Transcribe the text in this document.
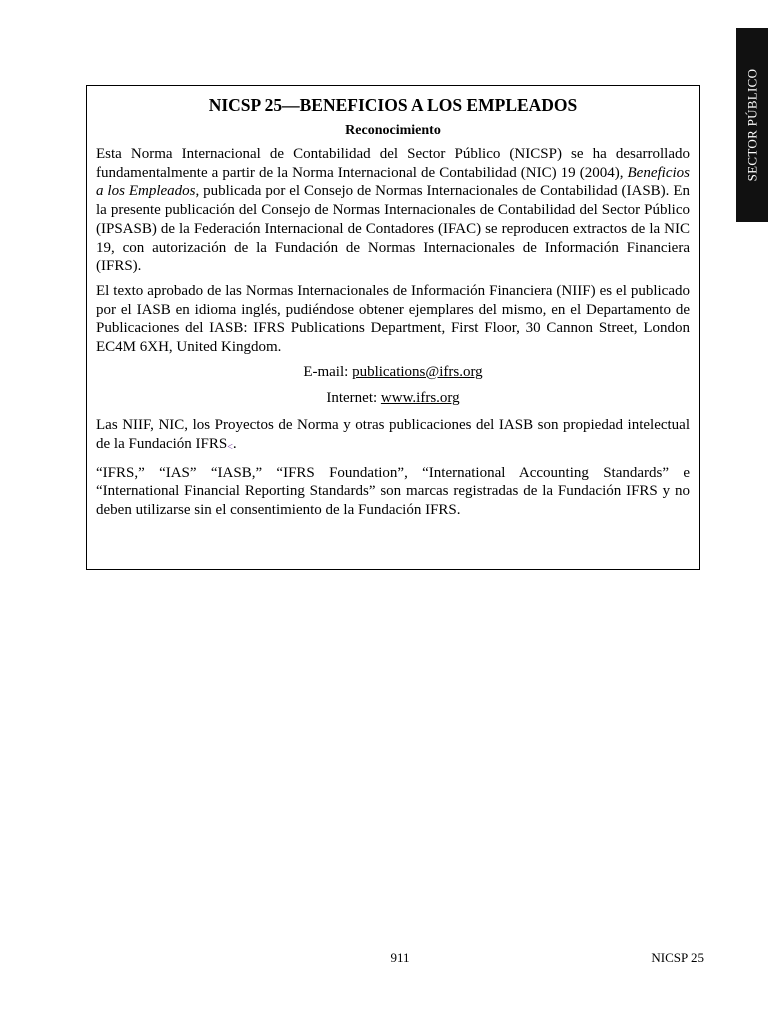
SECTOR PÚBLICO
NICSP 25—BENEFICIOS A LOS EMPLEADOS
Reconocimiento

Esta Norma Internacional de Contabilidad del Sector Público (NICSP) se ha desarrollado fundamentalmente a partir de la Norma Internacional de Contabilidad (NIC) 19 (2004), Beneficios a los Empleados, publicada por el Consejo de Normas Internacionales de Contabilidad (IASB). En la presente publicación del Consejo de Normas Internacionales de Contabilidad del Sector Público (IPSASB) de la Federación Internacional de Contadores (IFAC) se reproducen extractos de la NIC 19, con autorización de la Fundación de Normas Internacionales de Información Financiera (IFRS).

El texto aprobado de las Normas Internacionales de Información Financiera (NIIF) es el publicado por el IASB en idioma inglés, pudiéndose obtener ejemplares del mismo, en el Departamento de Publicaciones del IASB: IFRS Publications Department, First Floor, 30 Cannon Street, London EC4M 6XH, United Kingdom.

E-mail: publications@ifrs.org
Internet: www.ifrs.org

Las NIIF, NIC, los Proyectos de Norma y otras publicaciones del IASB son propiedad intelectual de la Fundación IFRS<.

“IFRS,” “IAS” “IASB,” “IFRS Foundation”, “International Accounting Standards” e “International Financial Reporting Standards” son marcas registradas de la Fundación IFRS y no deben utilizarse sin el consentimiento de la Fundación IFRS.

911	NICSP 25
